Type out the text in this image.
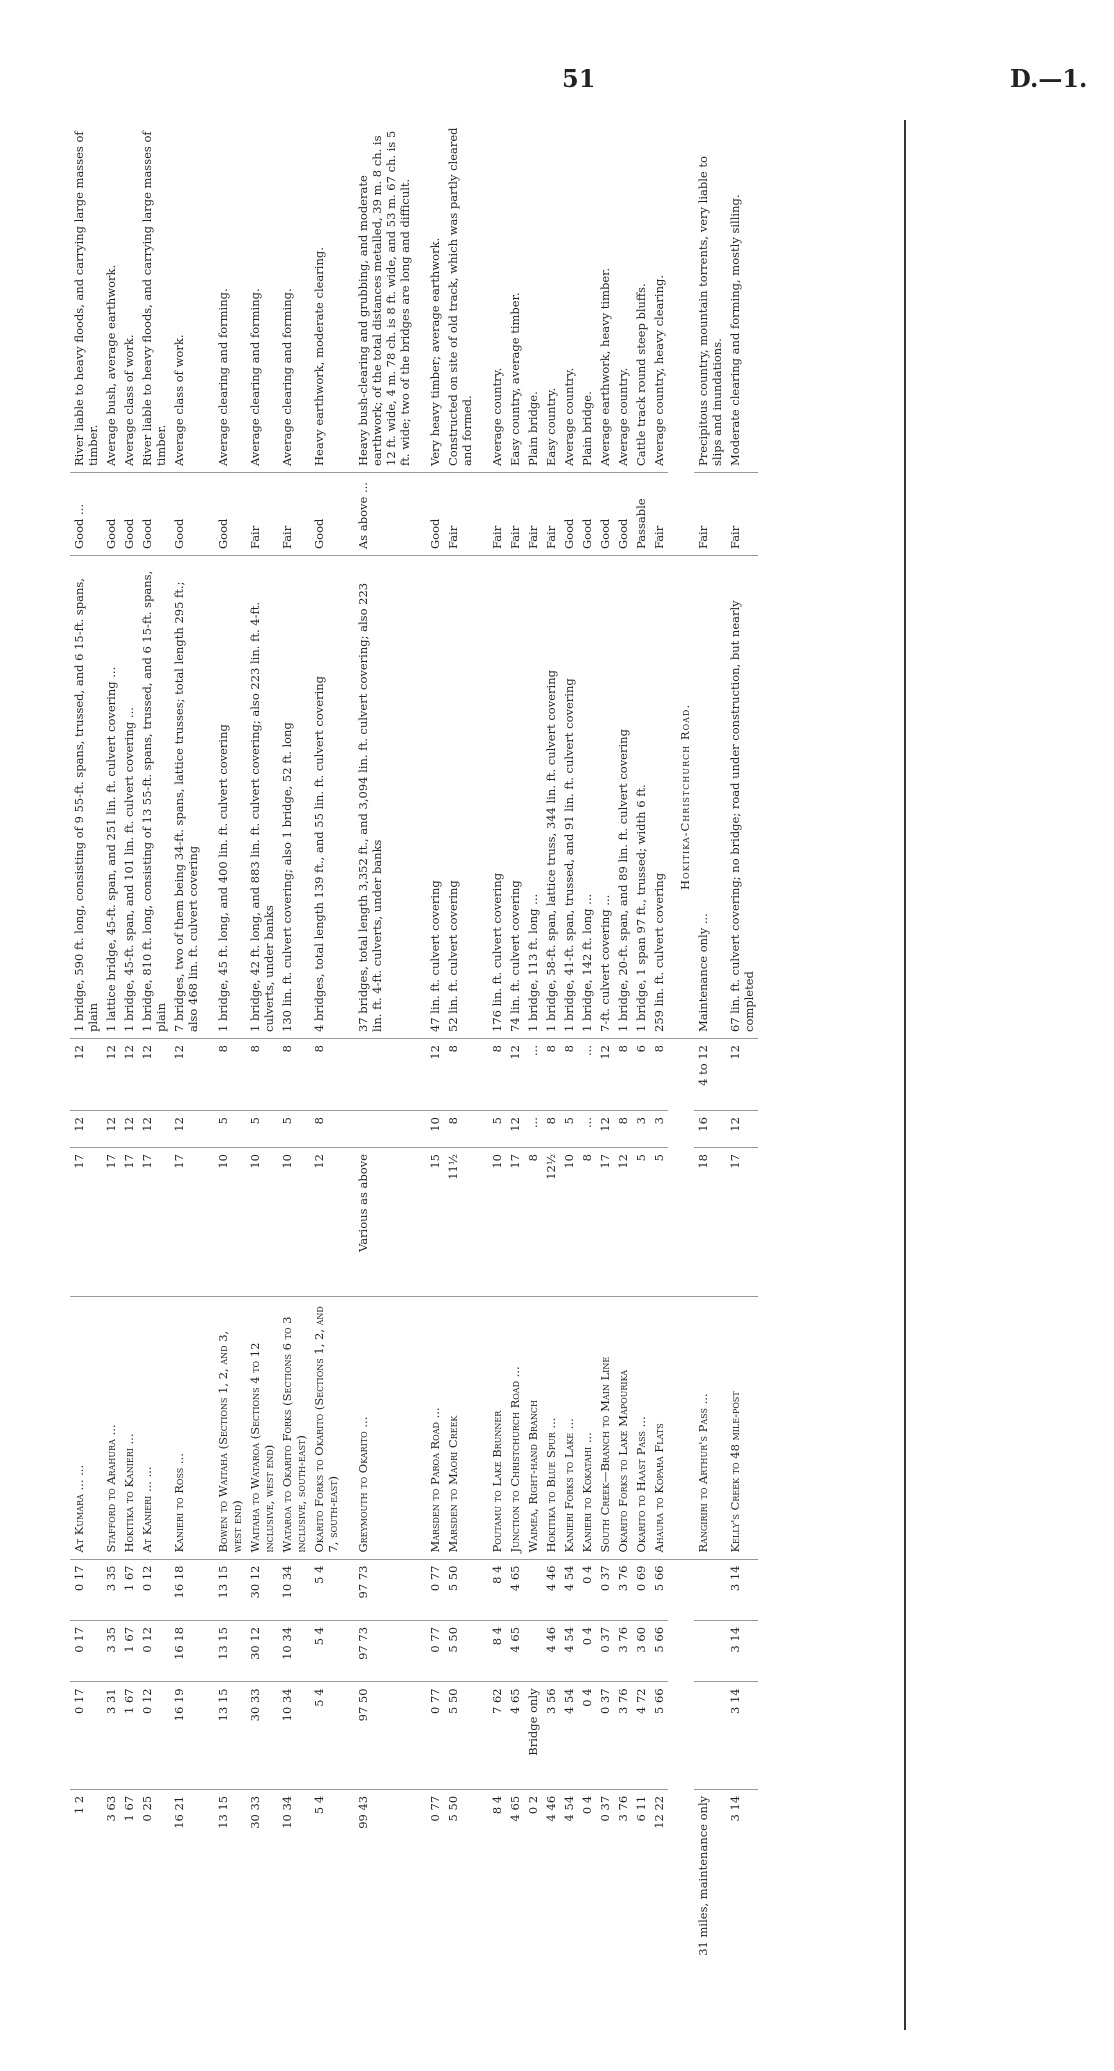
51	D.—1.
1 2	0 17	0 17	0 17	At Kumara ... ...	17	12	12	1 bridge, 590 ft. long, consisting of 9 55-ft. spans, trussed, and 6 15-ft. spans, plain	Good ...	River liable to heavy floods, and carrying large masses of timber.
3 63	3 31	3 35	3 35	Stafford to Arahura ...	17	12	12	1 lattice bridge, 45-ft. span, and 251 lin. ft. culvert covering ...	Good	Average bush, average earthwork.
1 67	1 67	1 67	1 67	Hokitika to Kanieri ...	17	12	12	1 bridge, 45-ft. span, and 101 lin. ft. culvert covering ...	Good	Average class of work.
0 25	0 12	0 12	0 12	At Kanieri ... ...	17	12	12	1 bridge, 810 ft. long, consisting of 13 55-ft. spans, trussed, and 6 15-ft. spans, plain	Good	River liable to heavy floods, and carrying large masses of timber.
16 21	16 19	16 18	16 18	Kanieri to Ross ...	17	12	12	7 bridges, two of them being 34-ft. spans, lattice trusses; total length 295 ft.; also 468 lin. ft. culvert covering	Good	Average class of work.
13 15	13 15	13 15	13 15	Bowen to Waitaha (Sections 1, 2, and 3, west end)	10	5	8	1 bridge, 45 ft. long, and 400 lin. ft. culvert covering	Good	Average clearing and forming.
30 33	30 33	30 12	30 12	Waitaha to Wataroa (Sections 4 to 12 inclusive, west end)	10	5	8	1 bridge, 42 ft. long, and 883 lin. ft. culvert covering; also 223 lin. ft. 4-ft. culverts, under banks	Fair	Average clearing and forming.
10 34	10 34	10 34	10 34	Wataroa to Okarito Forks (Sections 6 to 3 inclusive, south-east)	10	5	8	130 lin. ft. culvert covering; also 1 bridge, 52 ft. long	Fair	Average clearing and forming.
5 4	5 4	5 4	5 4	Okarito Forks to Okarito (Sections 1, 2, and 7, south-east)	12	8	8	4 bridges, total length 139 ft., and 55 lin. ft. culvert covering	Good	Heavy earthwork, moderate clearing.
99 43	97 50	97 73	97 73	Greymouth to Okarito ...	Various as above			37 bridges, total length 3,352 ft., and 3,094 lin. ft. culvert covering; also 223 lin. ft. 4-ft. culverts, under banks	As above ...	Heavy bush-clearing and grubbing, and moderate earthwork; of the total distances metalled, 39 m. 8 ch. is 12 ft. wide, 4 m. 78 ch. is 8 ft. wide, and 53 m. 67 ch. is 5 ft. wide; two of the bridges are long and difficult.
0 77	0 77	0 77	0 77	Marsden to Paroa Road ...	15	10	12	47 lin. ft. culvert covering	Good	Very heavy timber; average earthwork.
5 50	5 50	5 50	5 50	Marsden to Maori Creek	11½	8	8	52 lin. ft. culvert covering	Fair	Constructed on site of old track, which was partly cleared and formed.
8 4	7 62	8 4	8 4	Poutamu to Lake Brunner	10	5	8	176 lin. ft. culvert covering	Fair	Average country.
4 65	4 65	4 65	4 65	Junction to Christchurch Road ...	17	12	12	74 lin. ft. culvert covering	Fair	Easy country, average timber.
0 2	Bridge only			Waimea, Right-hand Branch	8	...	...	1 bridge, 113 ft. long ...	Fair	Plain bridge.
4 46	3 56	4 46	4 46	Hokitika to Blue Spur ...	12½	8	8	1 bridge, 58-ft. span, lattice truss, 344 lin. ft. culvert covering	Fair	Easy country.
4 54	4 54	4 54	4 54	Kanieri Forks to Lake ...	10	5	8	1 bridge, 41-ft. span, trussed, and 91 lin. ft. culvert covering	Good	Average country.
0 4	0 4	0 4	0 4	Kanieri to Kokatahi ...	8	...	...	1 bridge, 142 ft. long ...	Good	Plain bridge.
0 37	0 37	0 37	0 37	South Creek—Branch to Main Line	17	12	12	7-ft. culvert covering ...	Good	Average earthwork, heavy timber.
3 76	3 76	3 76	3 76	Okarito Forks to Lake Mapourika	12	8	8	1 bridge, 20-ft. span, and 89 lin. ft. culvert covering	Good	Average country.
6 11	4 72	3 60	0 69	Okarito to Haast Pass ...	5	3	6	1 bridge, 1 span 97 ft., trussed; width 6 ft.	Passable	Cattle track round steep bluffs.
12 22	5 66	5 66	5 66	Ahaura to Kopara Flats	5	3	8	259 lin. ft. culvert covering	Fair	Average country, heavy clearing.
								Hokitika-Christchurch Road.		
31 miles, maintenance only				Rangiriri to Arthur's Pass ...	18	16	4 to 12	Maintenance only ...	Fair	Precipitous country, mountain torrents, very liable to slips and inundations.
3 14	3 14	3 14	3 14	Kelly's Creek to 48 mile-post	17	12	12	67 lin. ft. culvert covering; no bridge; road under construction, but nearly completed	Fair	Moderate clearing and forming, mostly silling.
